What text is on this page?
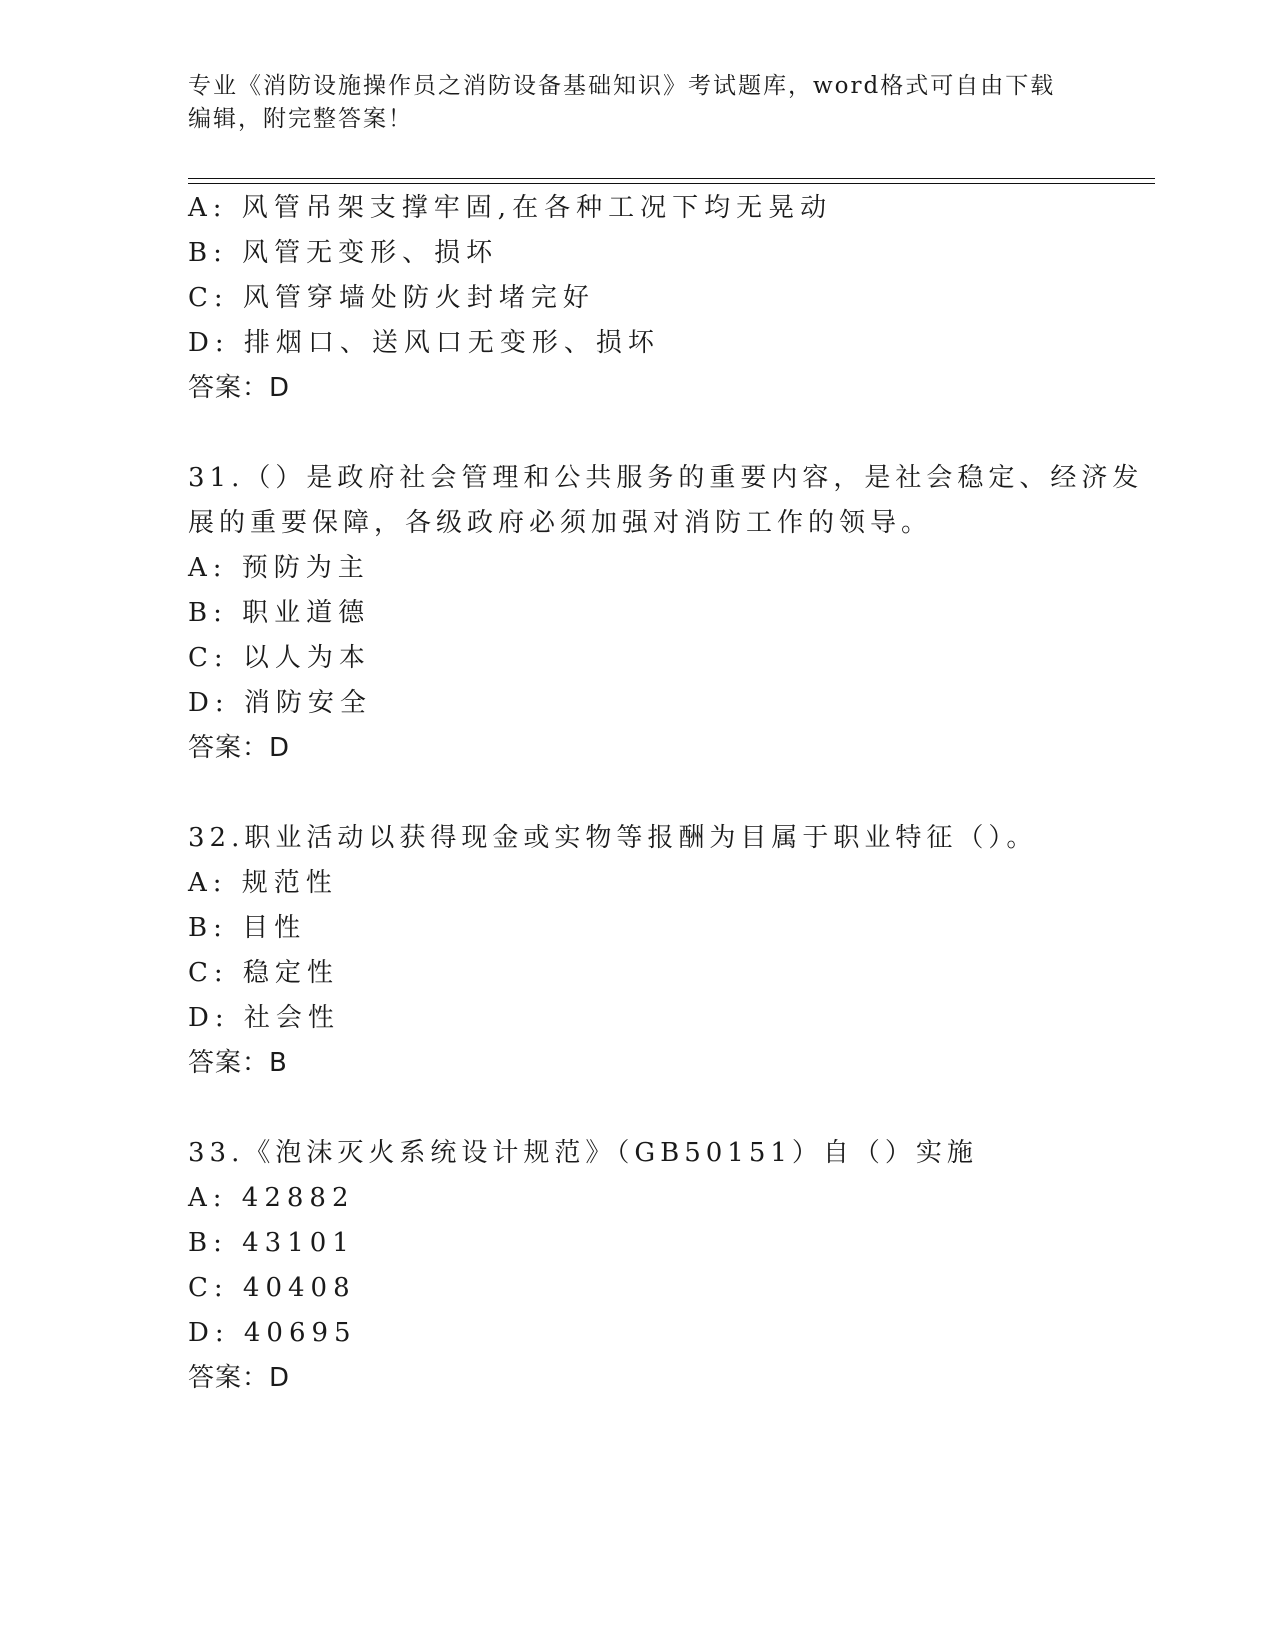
专业《消防设施操作员之消防设备基础知识》考试题库，word格式可自由下载编辑，附完整答案！
A: 风管吊架支撑牢固,在各种工况下均无晃动
B: 风管无变形、损坏
C: 风管穿墙处防火封堵完好
D: 排烟口、送风口无变形、损坏
答案：D
31.（）是政府社会管理和公共服务的重要内容，是社会稳定、经济发
展的重要保障，各级政府必须加强对消防工作的领导。
A: 预防为主
B: 职业道德
C: 以人为本
D: 消防安全
答案：D
32.职业活动以获得现金或实物等报酬为目属于职业特征（）。
A: 规范性
B: 目性
C: 稳定性
D: 社会性
答案：B
33.《泡沫灭火系统设计规范》（GB50151）自（）实施
A: 42882
B: 43101
C: 40408
D: 40695
答案：D
